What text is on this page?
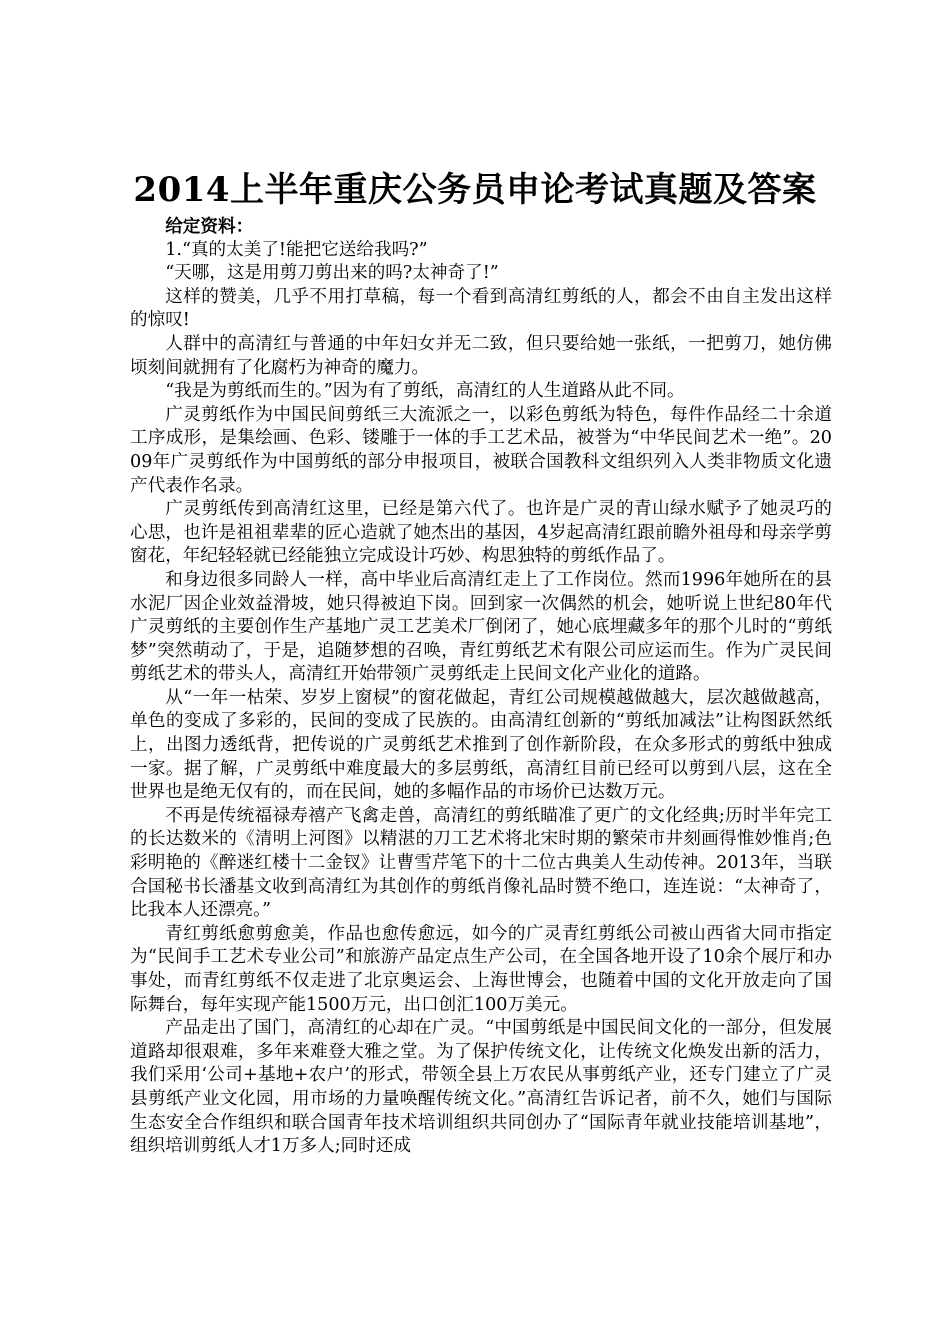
2014上半年重庆公务员申论考试真题及答案

给定资料：

1.“真的太美了!能把它送给我吗?”

“天哪，这是用剪刀剪出来的吗?太神奇了!”

这样的赞美，几乎不用打草稿，每一个看到高清红剪纸的人，都会不由自主发出这样的惊叹!

人群中的高清红与普通的中年妇女并无二致，但只要给她一张纸，一把剪刀，她仿佛顷刻间就拥有了化腐朽为神奇的魔力。

“我是为剪纸而生的。”因为有了剪纸，高清红的人生道路从此不同。

广灵剪纸作为中国民间剪纸三大流派之一，以彩色剪纸为特色，每件作品经二十余道工序成形，是集绘画、色彩、镂雕于一体的手工艺术品，被誉为“中华民间艺术一绝”。2009年广灵剪纸作为中国剪纸的部分申报项目，被联合国教科文组织列入人类非物质文化遗产代表作名录。

广灵剪纸传到高清红这里，已经是第六代了。也许是广灵的青山绿水赋予了她灵巧的心思，也许是祖祖辈辈的匠心造就了她杰出的基因，4岁起高清红跟前瞻外祖母和母亲学剪窗花，年纪轻轻就已经能独立完成设计巧妙、构思独特的剪纸作品了。

和身边很多同龄人一样，高中毕业后高清红走上了工作岗位。然而1996年她所在的县水泥厂因企业效益滑坡，她只得被迫下岗。回到家一次偶然的机会，她听说上世纪80年代广灵剪纸的主要创作生产基地广灵工艺美术厂倒闭了，她心底埋藏多年的那个儿时的“剪纸梦”突然萌动了，于是，追随梦想的召唤，青红剪纸艺术有限公司应运而生。作为广灵民间剪纸艺术的带头人，高清红开始带领广灵剪纸走上民间文化产业化的道路。

从“一年一枯荣、岁岁上窗棂”的窗花做起，青红公司规模越做越大，层次越做越高，单色的变成了多彩的，民间的变成了民族的。由高清红创新的“剪纸加减法”让构图跃然纸上，出图力透纸背，把传说的广灵剪纸艺术推到了创作新阶段，在众多形式的剪纸中独成一家。据了解，广灵剪纸中难度最大的多层剪纸，高清红目前已经可以剪到八层，这在全世界也是绝无仅有的，而在民间，她的多幅作品的市场价已达数万元。

不再是传统福禄寿禧产飞禽走兽，高清红的剪纸瞄准了更广的文化经典;历时半年完工的长达数米的《清明上河图》以精湛的刀工艺术将北宋时期的繁荣市井刻画得惟妙惟肖;色彩明艳的《醉迷红楼十二金钗》让曹雪芹笔下的十二位古典美人生动传神。2013年，当联合国秘书长潘基文收到高清红为其创作的剪纸肖像礼品时赞不绝口，连连说：“太神奇了，比我本人还漂亮。”

青红剪纸愈剪愈美，作品也愈传愈远，如今的广灵青红剪纸公司被山西省大同市指定为“民间手工艺术专业公司”和旅游产品定点生产公司，在全国各地开设了10余个展厅和办事处，而青红剪纸不仅走进了北京奥运会、上海世博会，也随着中国的文化开放走向了国际舞台，每年实现产能1500万元，出口创汇100万美元。

产品走出了国门，高清红的心却在广灵。“中国剪纸是中国民间文化的一部分，但发展道路却很艰难，多年来难登大雅之堂。为了保护传统文化，让传统文化焕发出新的活力，我们采用‘公司+基地+农户’的形式，带领全县上万农民从事剪纸产业，还专门建立了广灵县剪纸产业文化园，用市场的力量唤醒传统文化。”高清红告诉记者，前不久，她们与国际生态安全合作组织和联合国青年技术培训组织共同创办了“国际青年就业技能培训基地”，组织培训剪纸人才1万多人;同时还成
